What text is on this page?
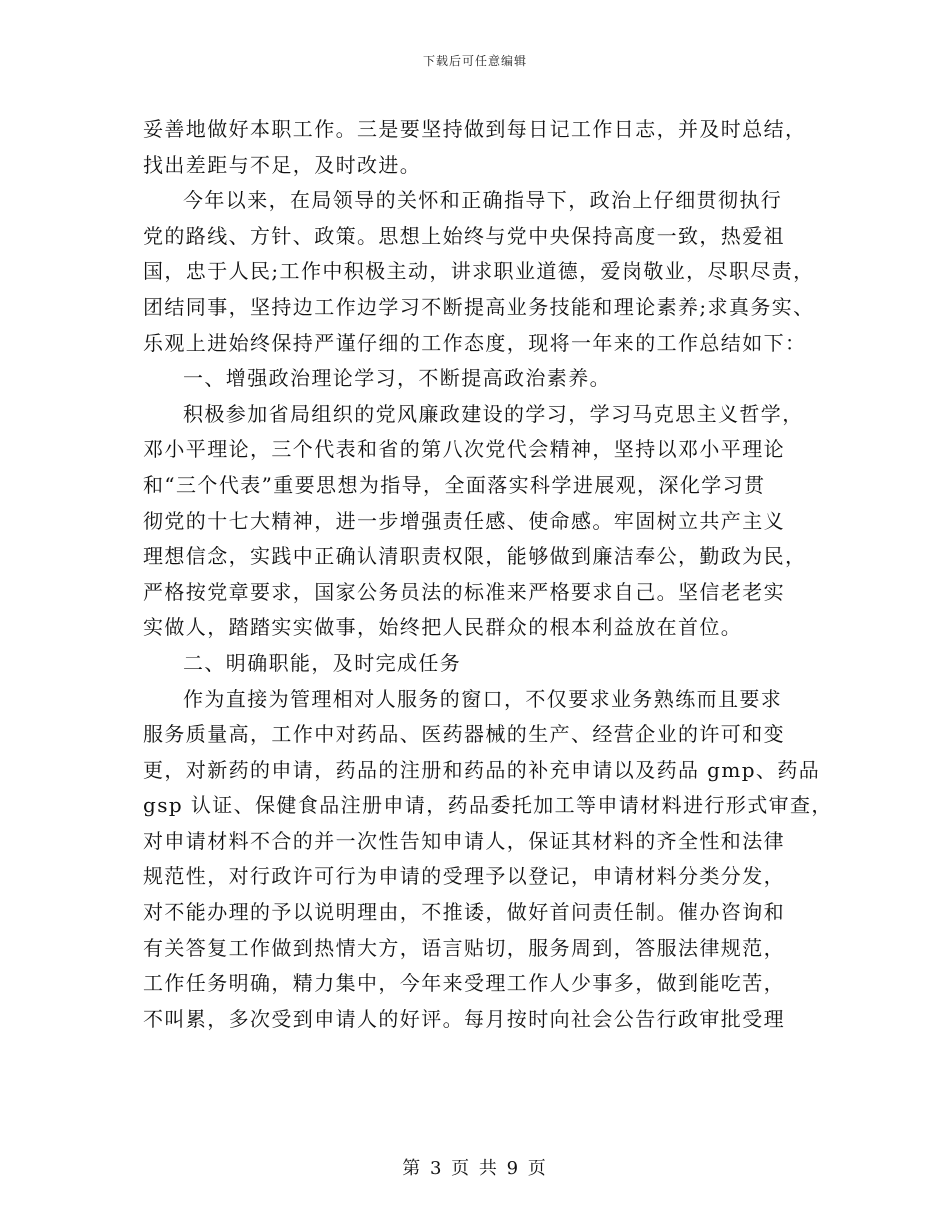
下载后可任意编辑
妥善地做好本职工作。三是要坚持做到每日记工作日志，并及时总结，
找出差距与不足，及时改进。
今年以来，在局领导的关怀和正确指导下，政治上仔细贯彻执行
党的路线、方针、政策。思想上始终与党中央保持高度一致，热爱祖
国，忠于人民;工作中积极主动，讲求职业道德，爱岗敬业，尽职尽责，
团结同事，坚持边工作边学习不断提高业务技能和理论素养;求真务实、
乐观上进始终保持严谨仔细的工作态度，现将一年来的工作总结如下：
一、增强政治理论学习，不断提高政治素养。
积极参加省局组织的党风廉政建设的学习，学习马克思主义哲学，
邓小平理论，三个代表和省的第八次党代会精神，坚持以邓小平理论
和“三个代表”重要思想为指导，全面落实科学进展观，深化学习贯
彻党的十七大精神，进一步增强责任感、使命感。牢固树立共产主义
理想信念，实践中正确认清职责权限，能够做到廉洁奉公，勤政为民，
严格按党章要求，国家公务员法的标准来严格要求自己。坚信老老实
实做人，踏踏实实做事，始终把人民群众的根本利益放在首位。
二、明确职能，及时完成任务
作为直接为管理相对人服务的窗口，不仅要求业务熟练而且要求
服务质量高，工作中对药品、医药器械的生产、经营企业的许可和变
更，对新药的申请，药品的注册和药品的补充申请以及药品 gmp、药品
gsp 认证、保健食品注册申请，药品委托加工等申请材料进行形式审查，
对申请材料不合的并一次性告知申请人，保证其材料的齐全性和法律
规范性，对行政许可行为申请的受理予以登记，申请材料分类分发，
对不能办理的予以说明理由，不推诿，做好首问责任制。催办咨询和
有关答复工作做到热情大方，语言贴切，服务周到，答服法律规范，
工作任务明确，精力集中，今年来受理工作人少事多，做到能吃苦，
不叫累，多次受到申请人的好评。每月按时向社会公告行政审批受理
第 3 页 共 9 页
